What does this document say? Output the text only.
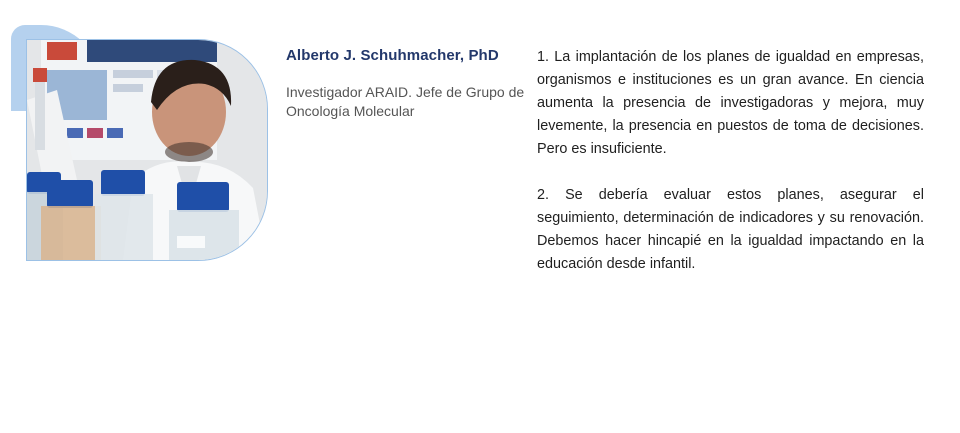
Alberto J. Schuhmacher, PhD

Investigador ARAID. Jefe de Grupo de Oncología Molecular

1. La implantación de los planes de igualdad en empresas, organismos e instituciones es un gran avance. En ciencia aumenta la presencia de investigadoras y mejora, muy levemente, la presencia en puestos de toma de decisiones. Pero es insuficiente.

2. Se debería evaluar estos planes, asegurar el seguimiento, determinación de indicadores y su renovación. Debemos hacer hincapié en la igualdad impactando en la educación desde infantil.
